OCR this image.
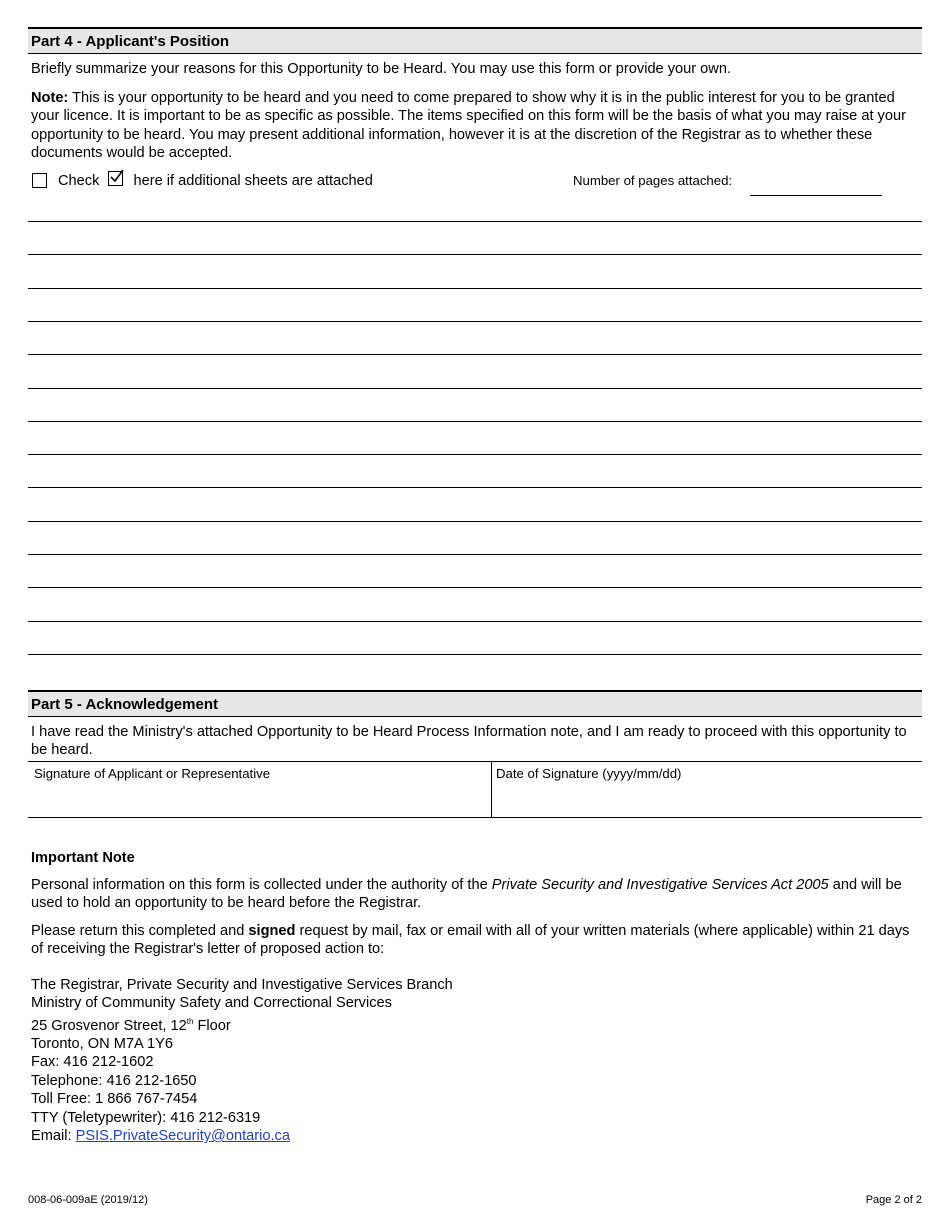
Part 4 - Applicant's Position
Briefly summarize your reasons for this Opportunity to be Heard. You may use this form or provide your own.
Note: This is your opportunity to be heard and you need to come prepared to show why it is in the public interest for you to be granted your licence. It is important to be as specific as possible. The items specified on this form will be the basis of what you may raise at your opportunity to be heard. You may present additional information, however it is at the discretion of the Registrar as to whether these documents would be accepted.
Check here if additional sheets are attached	Number of pages attached:
Part 5 - Acknowledgement
I have read the Ministry's attached Opportunity to be Heard Process Information note, and I am ready to proceed with this opportunity to be heard.
Signature of Applicant or Representative	Date of Signature (yyyy/mm/dd)
Important Note
Personal information on this form is collected under the authority of the Private Security and Investigative Services Act 2005 and will be used to hold an opportunity to be heard before the Registrar.
Please return this completed and signed request by mail, fax or email with all of your written materials (where applicable) within 21 days of receiving the Registrar's letter of proposed action to:
The Registrar, Private Security and Investigative Services Branch
Ministry of Community Safety and Correctional Services
25 Grosvenor Street, 12th Floor
Toronto, ON M7A 1Y6
Fax: 416 212-1602
Telephone: 416 212-1650
Toll Free: 1 866 767-7454
TTY (Teletypewriter): 416 212-6319
Email: PSIS.PrivateSecurity@ontario.ca
008-06-009aE (2019/12)	Page 2 of 2
